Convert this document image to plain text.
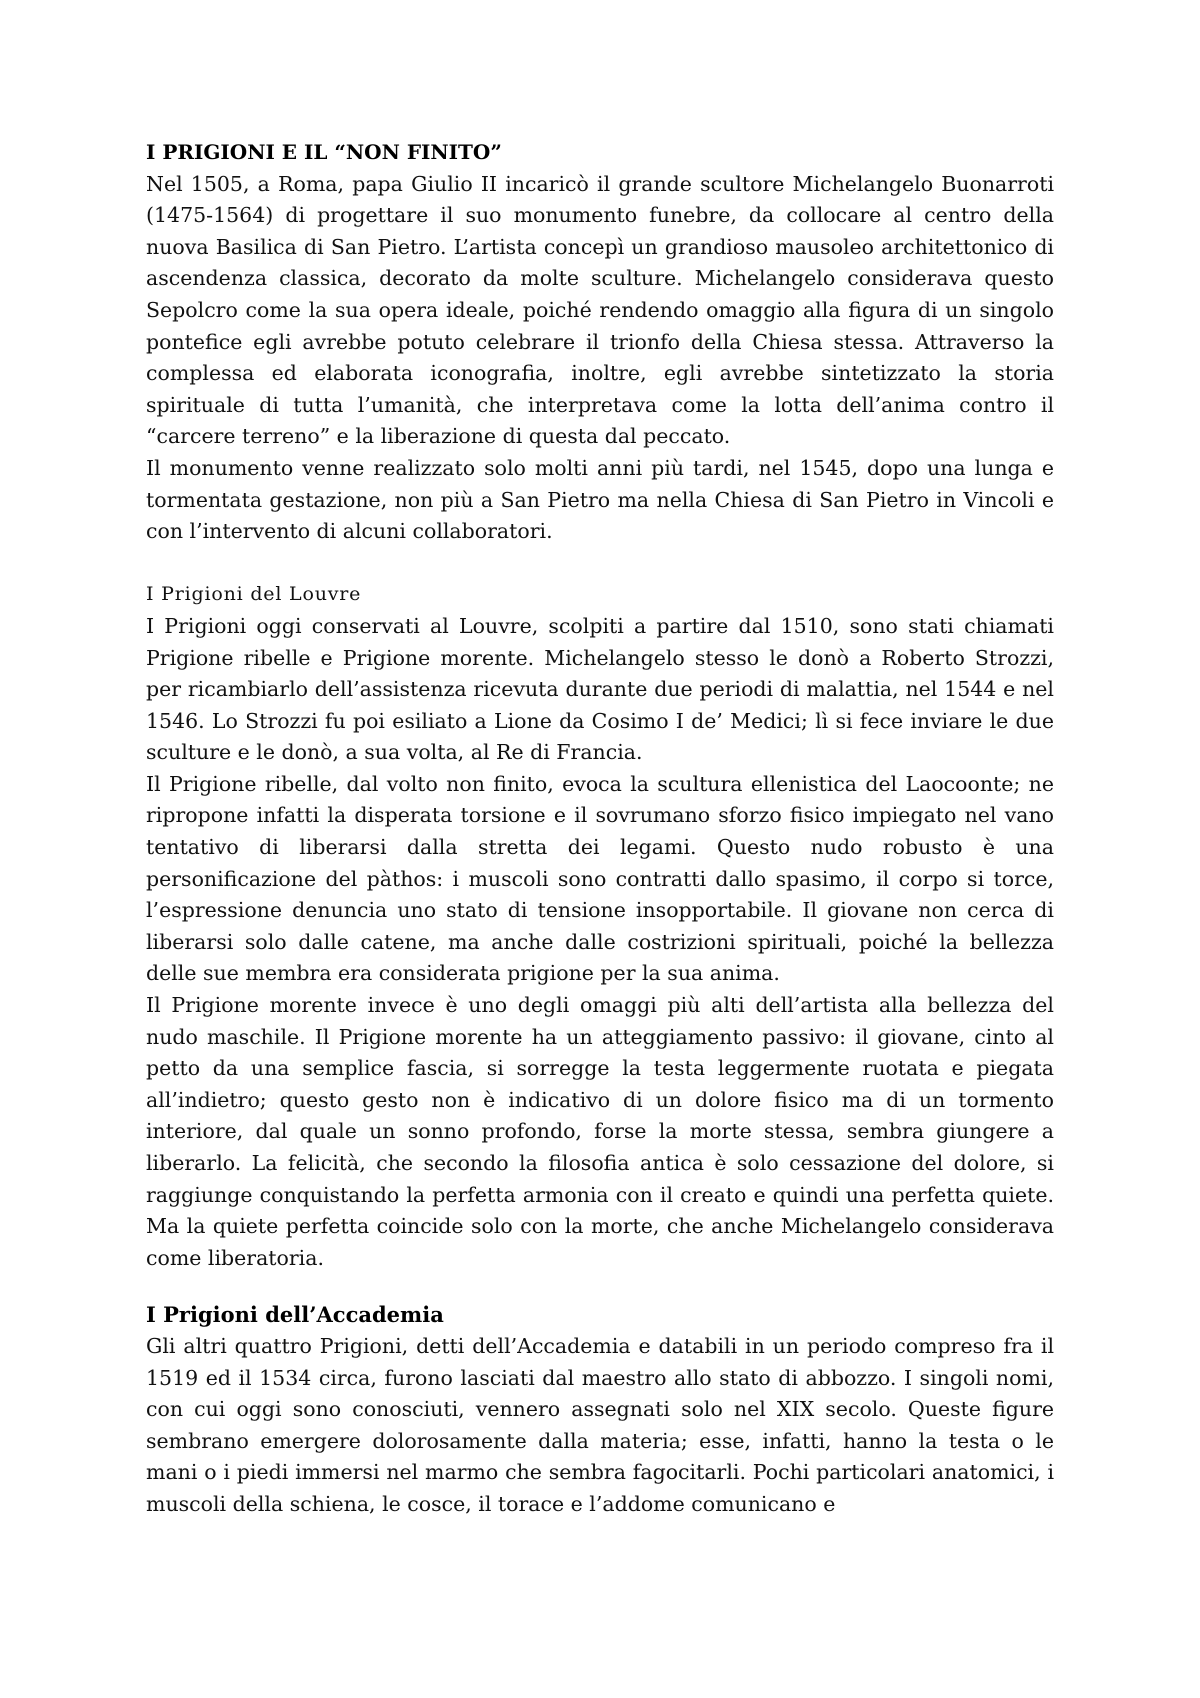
I PRIGIONI E IL “NON FINITO”

Nel 1505, a Roma, papa Giulio II incaricò il grande scultore Michelangelo Buonarroti (1475-1564) di progettare il suo monumento funebre, da collocare al centro della nuova Basilica di San Pietro. L’artista concepì un grandioso mausoleo architettonico di ascendenza classica, decorato da molte sculture. Michelangelo considerava questo Sepolcro come la sua opera ideale, poiché rendendo omaggio alla figura di un singolo pontefice egli avrebbe potuto celebrare il trionfo della Chiesa stessa. Attraverso la complessa ed elaborata iconografia, inoltre, egli avrebbe sintetizzato la storia spirituale di tutta l’umanità, che interpretava come la lotta dell’anima contro il “carcere terreno” e la liberazione di questa dal peccato.

Il monumento venne realizzato solo molti anni più tardi, nel 1545, dopo una lunga e tormentata gestazione, non più a San Pietro ma nella Chiesa di San Pietro in Vincoli e con l’intervento di alcuni collaboratori.

I Prigioni del Louvre

I Prigioni oggi conservati al Louvre, scolpiti a partire dal 1510, sono stati chiamati Prigione ribelle e Prigione morente. Michelangelo stesso le donò a Roberto Strozzi, per ricambiarlo dell’assistenza ricevuta durante due periodi di malattia, nel 1544 e nel 1546. Lo Strozzi fu poi esiliato a Lione da Cosimo I de’ Medici; lì si fece inviare le due sculture e le donò, a sua volta, al Re di Francia.

Il Prigione ribelle, dal volto non finito, evoca la scultura ellenistica del Laocoonte; ne ripropone infatti la disperata torsione e il sovrumano sforzo fisico impiegato nel vano tentativo di liberarsi dalla stretta dei legami. Questo nudo robusto è una personificazione del pàthos: i muscoli sono contratti dallo spasimo, il corpo si torce, l’espressione denuncia uno stato di tensione insopportabile. Il giovane non cerca di liberarsi solo dalle catene, ma anche dalle costrizioni spirituali, poiché la bellezza delle sue membra era considerata prigione per la sua anima.

Il Prigione morente invece è uno degli omaggi più alti dell’artista alla bellezza del nudo maschile. Il Prigione morente ha un atteggiamento passivo: il giovane, cinto al petto da una semplice fascia, si sorregge la testa leggermente ruotata e piegata all’indietro; questo gesto non è indicativo di un dolore fisico ma di un tormento interiore, dal quale un sonno profondo, forse la morte stessa, sembra giungere a liberarlo. La felicità, che secondo la filosofia antica è solo cessazione del dolore, si raggiunge conquistando la perfetta armonia con il creato e quindi una perfetta quiete. Ma la quiete perfetta coincide solo con la morte, che anche Michelangelo considerava come liberatoria.

I Prigioni dell’Accademia

Gli altri quattro Prigioni, detti dell’Accademia e databili in un periodo compreso fra il 1519 ed il 1534 circa, furono lasciati dal maestro allo stato di abbozzo. I singoli nomi, con cui oggi sono conosciuti, vennero assegnati solo nel XIX secolo. Queste figure sembrano emergere dolorosamente dalla materia; esse, infatti, hanno la testa o le mani o i piedi immersi nel marmo che sembra fagocitarli. Pochi particolari anatomici, i muscoli della schiena, le cosce, il torace e l’addome comunicano e
